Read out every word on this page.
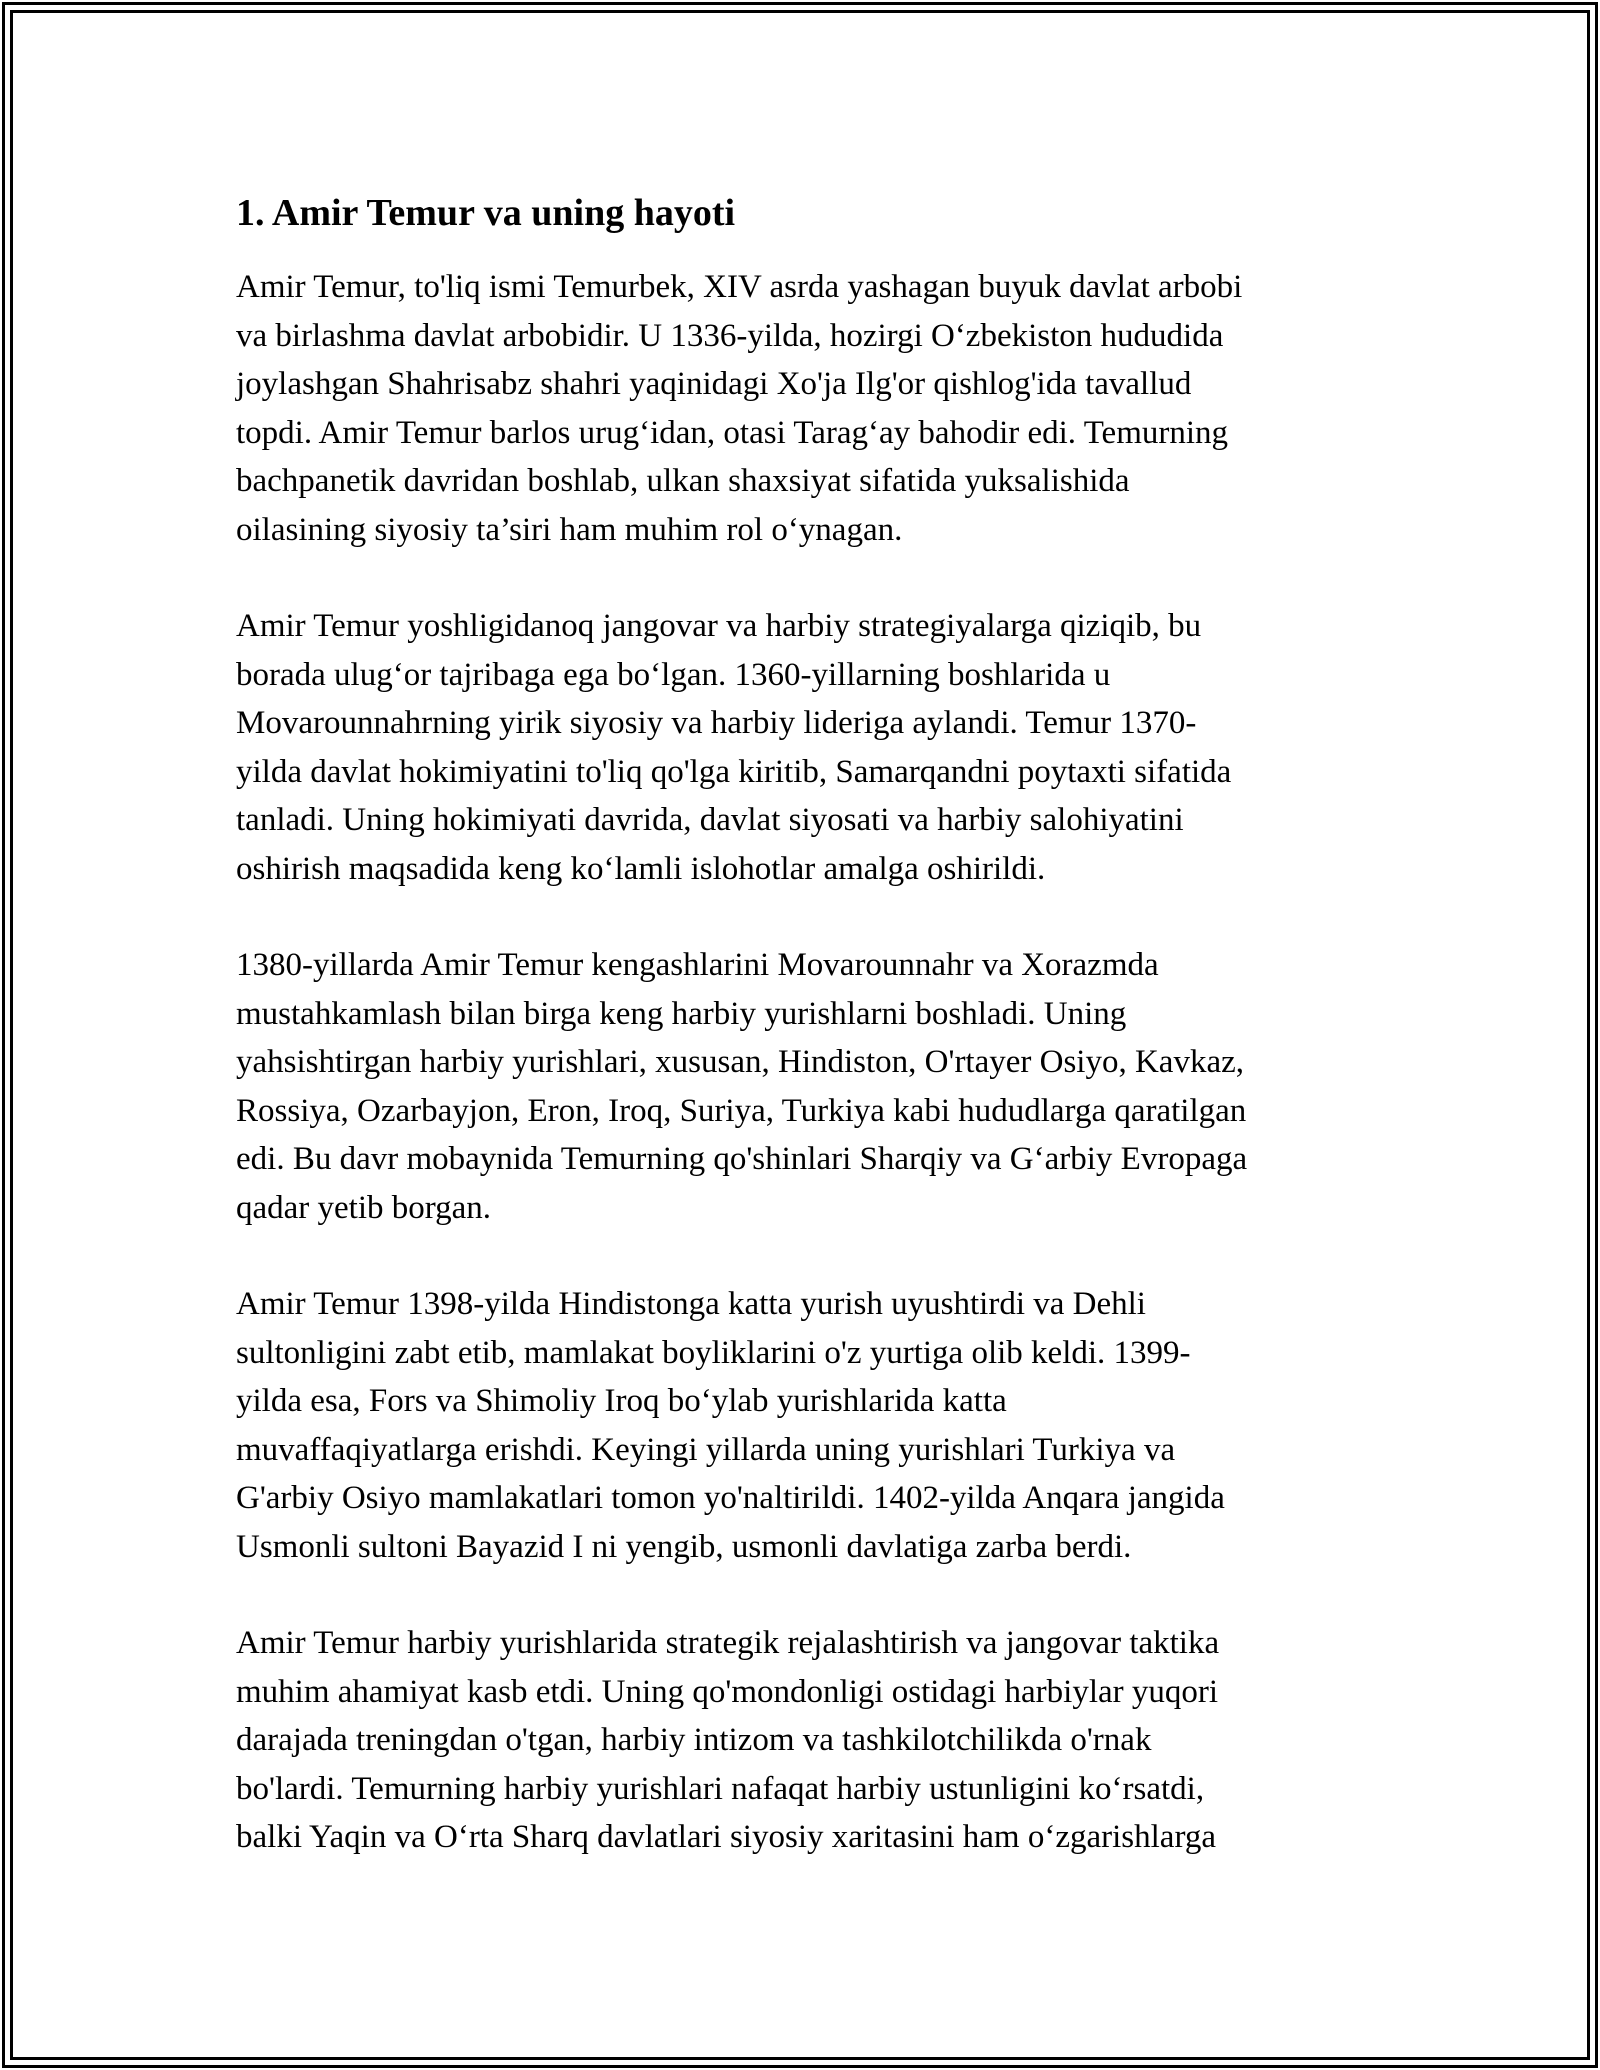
1. Amir Temur va uning hayoti
Amir Temur, to'liq ismi Temurbek, XIV asrda yashagan buyuk davlat arbobi
va birlashma davlat arbobidir. U 1336-yilda, hozirgi O‘zbekiston hududida
joylashgan Shahrisabz shahri yaqinidagi Xo'ja Ilg'or qishlog'ida tavallud
topdi. Amir Temur barlos urug‘idan, otasi Tarag‘ay bahodir edi. Temurning
bachpanetik davridan boshlab, ulkan shaxsiyat sifatida yuksalishida
oilasining siyosiy ta’siri ham muhim rol o‘ynagan.
Amir Temur yoshligidanoq jangovar va harbiy strategiyalarga qiziqib, bu
borada ulug‘or tajribaga ega bo‘lgan. 1360-yillarning boshlarida u
Movarounnahrning yirik siyosiy va harbiy lideriga aylandi. Temur 1370-
yilda davlat hokimiyatini to'liq qo'lga kiritib, Samarqandni poytaxti sifatida
tanladi. Uning hokimiyati davrida, davlat siyosati va harbiy salohiyatini
oshirish maqsadida keng ko‘lamli islohotlar amalga oshirildi.
1380-yillarda Amir Temur kengashlarini Movarounnahr va Xorazmda
mustahkamlash bilan birga keng harbiy yurishlarni boshladi. Uning
yahsishtirgan harbiy yurishlari, xususan, Hindiston, O'rtayer Osiyo, Kavkaz,
Rossiya, Ozarbayjon, Eron, Iroq, Suriya, Turkiya kabi hududlarga qaratilgan
edi. Bu davr mobaynida Temurning qo'shinlari Sharqiy va G‘arbiy Evropaga
qadar yetib borgan.
Amir Temur 1398-yilda Hindistonga katta yurish uyushtirdi va Dehli
sultonligini zabt etib, mamlakat boyliklarini o'z yurtiga olib keldi. 1399-
yilda esa, Fors va Shimoliy Iroq bo‘ylab yurishlarida katta
muvaffaqiyatlarga erishdi. Keyingi yillarda uning yurishlari Turkiya va
G'arbiy Osiyo mamlakatlari tomon yo'naltirildi. 1402-yilda Anqara jangida
Usmonli sultoni Bayazid I ni yengib, usmonli davlatiga zarba berdi.
Amir Temur harbiy yurishlarida strategik rejalashtirish va jangovar taktika
muhim ahamiyat kasb etdi. Uning qo'mondonligi ostidagi harbiylar yuqori
darajada treningdan o'tgan, harbiy intizom va tashkilotchilikda o'rnak
bo'lardi. Temurning harbiy yurishlari nafaqat harbiy ustunligini ko‘rsatdi,
balki Yaqin va O‘rta Sharq davlatlari siyosiy xaritasini ham o‘zgarishlarga
